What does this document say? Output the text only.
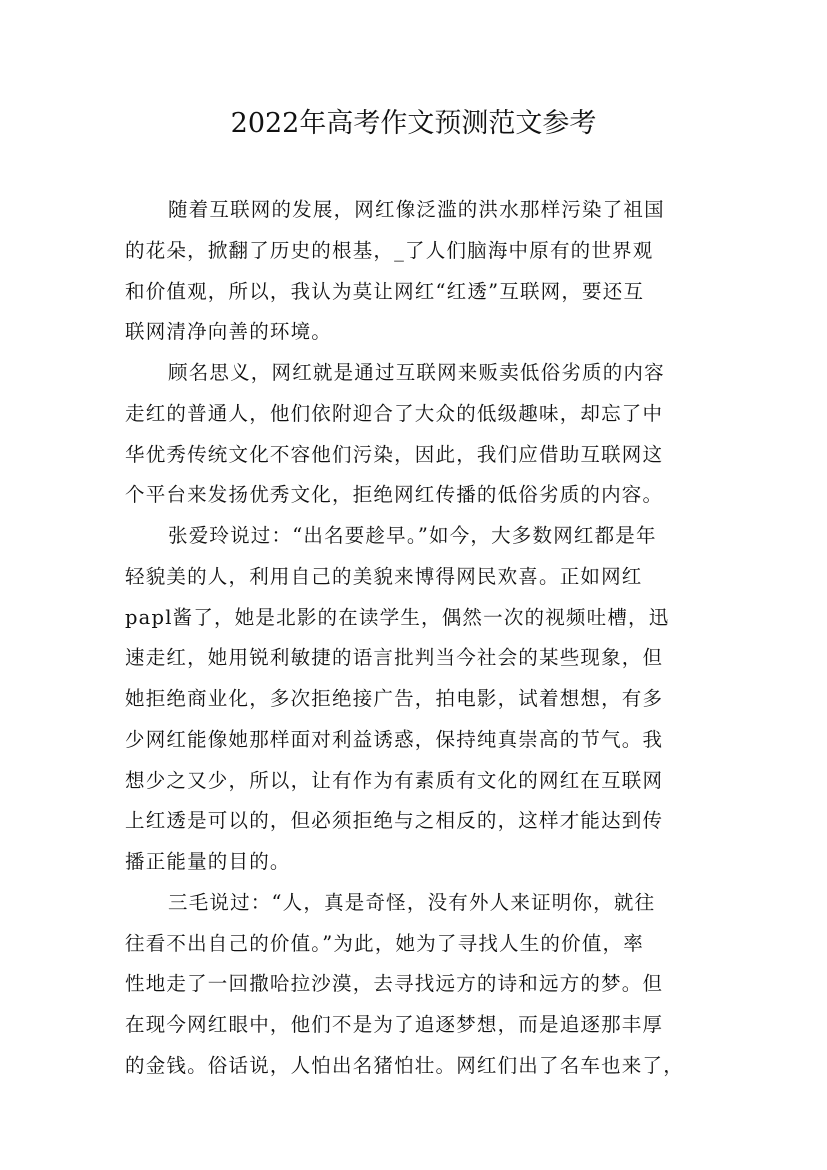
2022年高考作文预测范文参考
随着互联网的发展，网红像泛滥的洪水那样污染了祖国
的花朵，掀翻了历史的根基，_了人们脑海中原有的世界观
和价值观，所以，我认为莫让网红“红透”互联网，要还互
联网清净向善的环境。
顾名思义，网红就是通过互联网来贩卖低俗劣质的内容
走红的普通人，他们依附迎合了大众的低级趣味，却忘了中
华优秀传统文化不容他们污染，因此，我们应借助互联网这
个平台来发扬优秀文化，拒绝网红传播的低俗劣质的内容。
张爱玲说过：“出名要趁早。”如今，大多数网红都是年
轻貌美的人，利用自己的美貌来博得网民欢喜。正如网红
papl酱了，她是北影的在读学生，偶然一次的视频吐槽，迅
速走红，她用锐利敏捷的语言批判当今社会的某些现象，但
她拒绝商业化，多次拒绝接广告，拍电影，试着想想，有多
少网红能像她那样面对利益诱惑，保持纯真崇高的节气。我
想少之又少，所以，让有作为有素质有文化的网红在互联网
上红透是可以的，但必须拒绝与之相反的，这样才能达到传
播正能量的目的。
三毛说过：“人，真是奇怪，没有外人来证明你，就往
往看不出自己的价值。”为此，她为了寻找人生的价值，率
性地走了一回撒哈拉沙漠，去寻找远方的诗和远方的梦。但
在现今网红眼中，他们不是为了追逐梦想，而是追逐那丰厚
的金钱。俗话说，人怕出名猪怕壮。网红们出了名车也来了，
